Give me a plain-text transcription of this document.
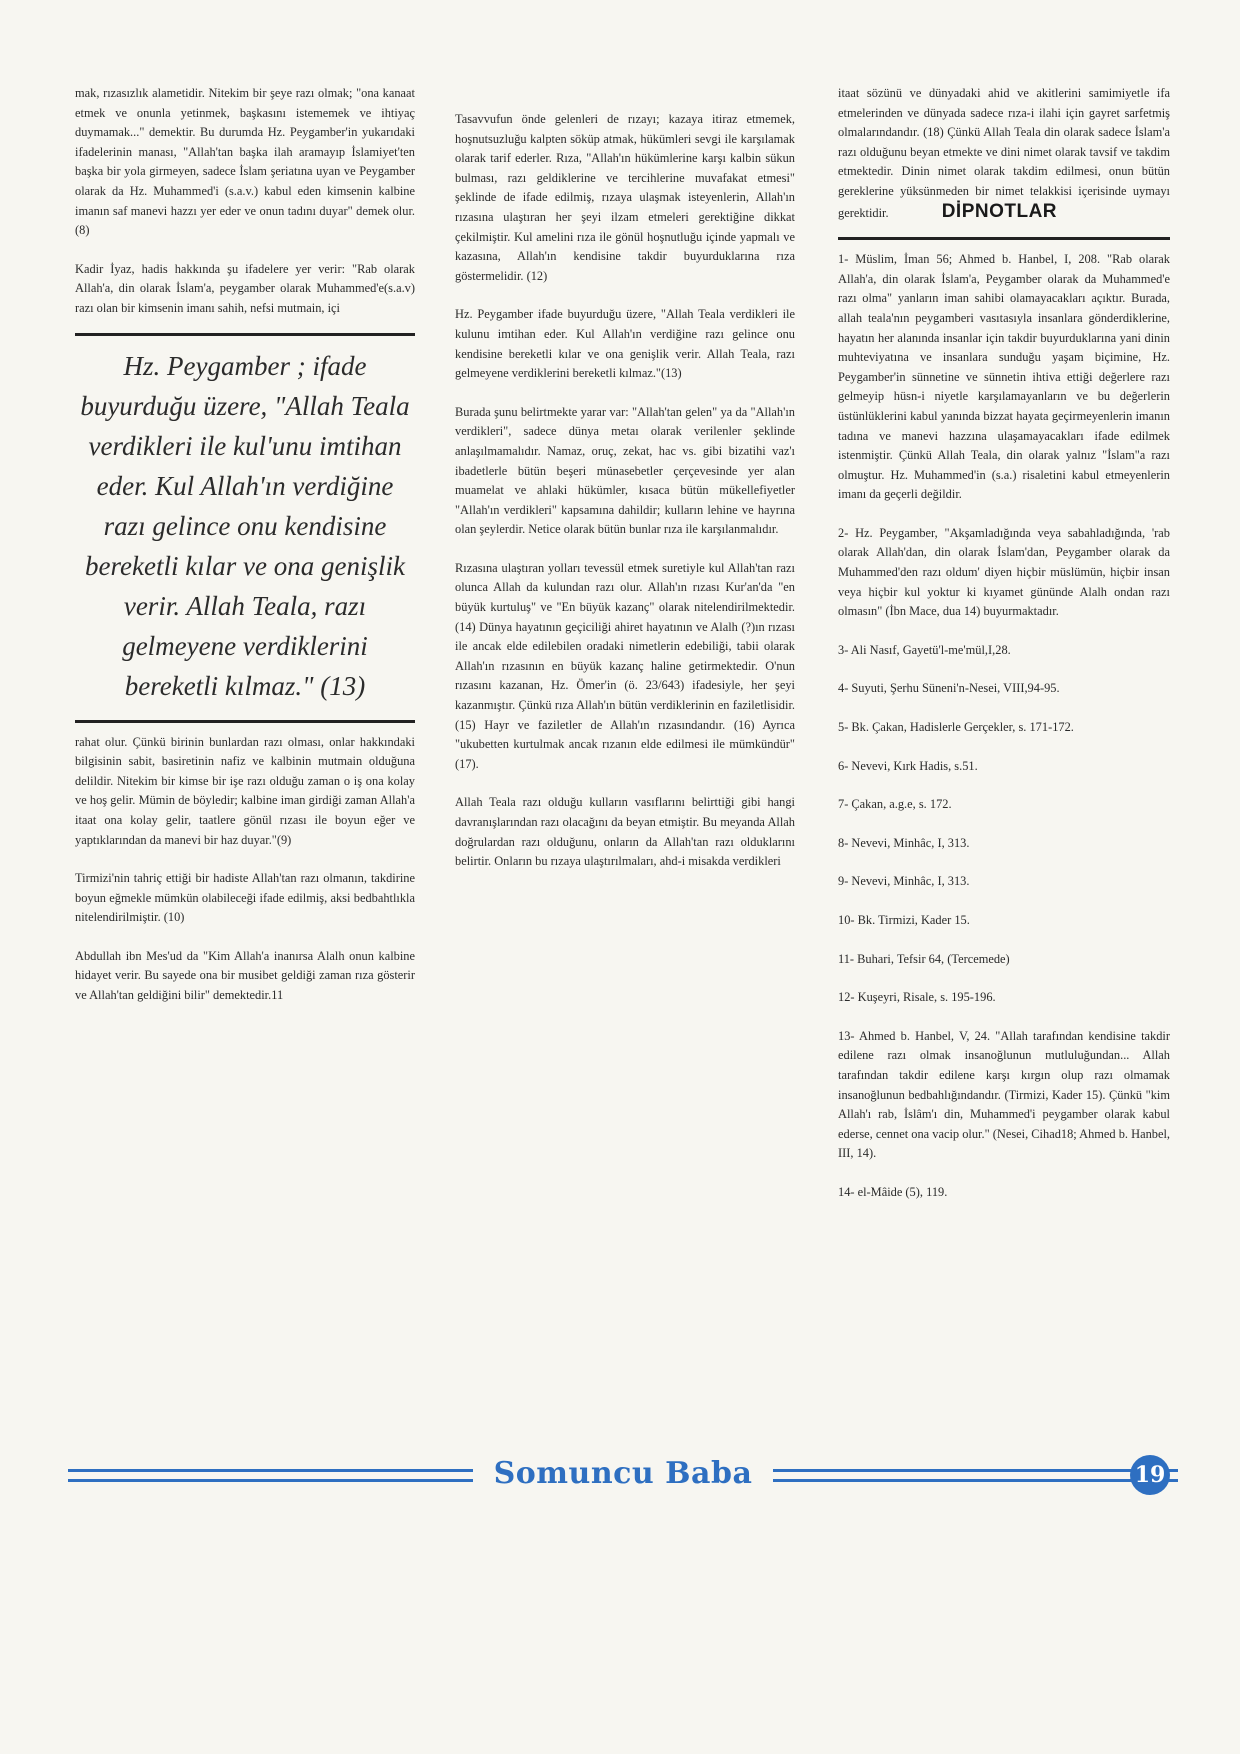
mak, rızasızlık alametidir. Nitekim bir şeye razı olmak; "ona kanaat etmek ve onunla yetinmek, başkasını istememek ve ihtiyaç duymamak..." demektir. Bu durumda Hz. Peygamber'in yukarıdaki ifadelerinin manası, "Allah'tan başka ilah aramayıp İslamiyet'ten başka bir yola girmeyen, sadece İslam şeriatına uyan ve Peygamber olarak da Hz. Muhammed'i (s.a.v.) kabul eden kimsenin kalbine imanın saf manevi hazzı yer eder ve onun tadını duyar" demek olur.(8)

Kadir İyaz, hadis hakkında şu ifadelere yer verir: "Rab olarak Allah'a, din olarak İslam'a, peygamber olarak Muhammed'e(s.a.v) razı olan bir kimsenin imanı sahih, nefsi mutmain, içi

Hz. Peygamber ; ifade buyurduğu üzere, "Allah Teala verdikleri ile kul'unu imtihan eder. Kul Allah'ın verdiğine razı gelince onu kendisine bereketli kılar ve ona genişlik verir. Allah Teala, razı gelmeyene verdiklerini bereketli kılmaz." (13)

rahat olur. Çünkü birinin bunlardan razı olması, onlar hakkındaki bilgisinin sabit, basiretinin nafiz ve kalbinin mutmain olduğuna delildir. Nitekim bir kimse bir işe razı olduğu zaman o iş ona kolay ve hoş gelir. Mümin de böyledir; kalbine iman girdiği zaman Allah'a itaat ona kolay gelir, taatlere gönül rızası ile boyun eğer ve yaptıklarından da manevi bir haz duyar."(9)

Tirmizi'nin tahriç ettiği bir hadiste Allah'tan razı olmanın, takdirine boyun eğmekle mümkün olabileceği ifade edilmiş, aksi bedbahtlıkla nitelendirilmiştir. (10)

Abdullah ibn Mes'ud da "Kim Allah'a inanırsa Alalh onun kalbine hidayet verir. Bu sayede ona bir musibet geldiği zaman rıza gösterir ve Allah'tan geldiğini bilir" demektedir.11

Tasavvufun önde gelenleri de rızayı; kazaya itiraz etmemek, hoşnutsuzluğu kalpten söküp atmak, hükümleri sevgi ile karşılamak olarak tarif ederler. Rıza, "Allah'ın hükümlerine karşı kalbin sükun bulması, razı geldiklerine ve tercihlerine muvafakat etmesi" şeklinde de ifade edilmiş, rızaya ulaşmak isteyenlerin, Allah'ın rızasına ulaştıran her şeyi ilzam etmeleri gerektiğine dikkat çekilmiştir. Kul amelini rıza ile gönül hoşnutluğu içinde yapmalı ve kazasına, Allah'ın kendisine takdir buyurduklarına rıza göstermelidir. (12)

Hz. Peygamber ifade buyurduğu üzere, "Allah Teala verdikleri ile kulunu imtihan eder. Kul Allah'ın verdiğine razı gelince onu kendisine bereketli kılar ve ona genişlik verir. Allah Teala, razı gelmeyene verdiklerini bereketli kılmaz."(13)

Burada şunu belirtmekte yarar var: "Allah'tan gelen" ya da "Allah'ın verdikleri", sadece dünya metaı olarak verilenler şeklinde anlaşılmamalıdır. Namaz, oruç, zekat, hac vs. gibi bizatihi vaz'ı ibadetlerle bütün beşeri münasebetler çerçevesinde yer alan muamelat ve ahlaki hükümler, kısaca bütün mükellefiyetler "Allah'ın verdikleri" kapsamına dahildir; kulların lehine ve hayrına olan şeylerdir. Netice olarak bütün bunlar rıza ile karşılanmalıdır.

Rızasına ulaştıran yolları tevessül etmek suretiyle kul Allah'tan razı olunca Allah da kulundan razı olur. Allah'ın rızası Kur'an'da "en büyük kurtuluş" ve "En büyük kazanç" olarak nitelendirilmektedir. (14) Dünya hayatının geçiciliği ahiret hayatının ve Alalh (?)ın rızası ile ancak elde edilebilen oradaki nimetlerin edebiliği, tabii olarak Allah'ın rızasının en büyük kazanç haline getirmektedir. O'nun rızasını kazanan, Hz. Ömer'in (ö. 23/643) ifadesiyle, her şeyi kazanmıştır. Çünkü rıza Allah'ın bütün verdiklerinin en faziletlisidir. (15) Hayr ve faziletler de Allah'ın rızasındandır. (16) Ayrıca "ukubetten kurtulmak ancak rızanın elde edilmesi ile mümkündür"(17).

Allah Teala razı olduğu kulların vasıflarını belirttiği gibi hangi davranışlarından razı olacağını da beyan etmiştir. Bu meyanda Allah doğrulardan razı olduğunu, onların da Allah'tan razı olduklarını belirtir. Onların bu rızaya ulaştırılmaları, ahd-i misakda verdikleri

itaat sözünü ve dünyadaki ahid ve akitlerini samimiyetle ifa etmelerinden ve dünyada sadece rıza-i ilahi için gayret sarfetmiş olmalarındandır. (18) Çünkü Allah Teala din olarak sadece İslam'a razı olduğunu beyan etmekte ve dini nimet olarak tavsif ve takdim etmektedir. Dinin nimet olarak takdim edilmesi, onun bütün gereklerine yüksünmeden bir nimet telakkisi içerisinde uymayı gerektidir.	DİPNOTLAR

1- Müslim, İman 56; Ahmed b. Hanbel, I, 208. "Rab olarak Allah'a, din olarak İslam'a, Peygamber olarak da Muhammed'e razı olma" yanların iman sahibi olamayacakları açıktır. Burada, allah teala'nın peygamberi vasıtasıyla insanlara gönderdiklerine, hayatın her alanında insanlar için takdir buyurduklarına yani dinin muhteviyatına ve insanlara sunduğu yaşam biçimine, Hz. Peygamber'in sünnetine ve sünnetin ihtiva ettiği değerlere razı gelmeyip hüsn-i niyetle karşılamayanların ve bu değerlerin üstünlüklerini kabul yanında bizzat hayata geçirmeyenlerin imanın tadına ve manevi hazzına ulaşamayacakları ifade edilmek istenmiştir. Çünkü Allah Teala, din olarak yalnız "İslam"a razı olmuştur. Hz. Muhammed'in (s.a.) risaletini kabul etmeyenlerin imanı da geçerli değildir.

2- Hz. Peygamber, "Akşamladığında veya sabahladığında, 'rab olarak Allah'dan, din olarak İslam'dan, Peygamber olarak da Muhammed'den razı oldum' diyen hiçbir müslümün, hiçbir insan veya hiçbir kul yoktur ki kıyamet gününde Alalh ondan razı olmasın" (İbn Mace, dua 14) buyurmaktadır.

3- Ali Nasıf, Gayetü'l-me'mül,I,28.

4- Suyuti, Şerhu Süneni'n-Nesei, VIII,94-95.

5- Bk. Çakan, Hadislerle Gerçekler, s. 171-172.

6- Nevevi, Kırk Hadis, s.51.

7- Çakan, a.g.e, s. 172.

8- Nevevi, Minhâc, I, 313.

9- Nevevi, Minhâc, I, 313.

10- Bk. Tirmizi, Kader 15.

11- Buhari, Tefsir 64, (Tercemede)

12- Kuşeyri, Risale, s. 195-196.

13- Ahmed b. Hanbel, V, 24. "Allah tarafından kendisine takdir edilene razı olmak insanoğlunun mutluluğundan... Allah tarafından takdir edilene karşı kırgın olup razı olmamak insanoğlunun bedbahlığındandır. (Tirmizi, Kader 15). Çünkü "kim Allah'ı rab, İslâm'ı din, Muhammed'i peygamber olarak kabul ederse, cennet ona vacip olur." (Nesei, Cihad18; Ahmed b. Hanbel, III, 14).

14- el-Mâide (5), 119.

Somuncu Baba	19
